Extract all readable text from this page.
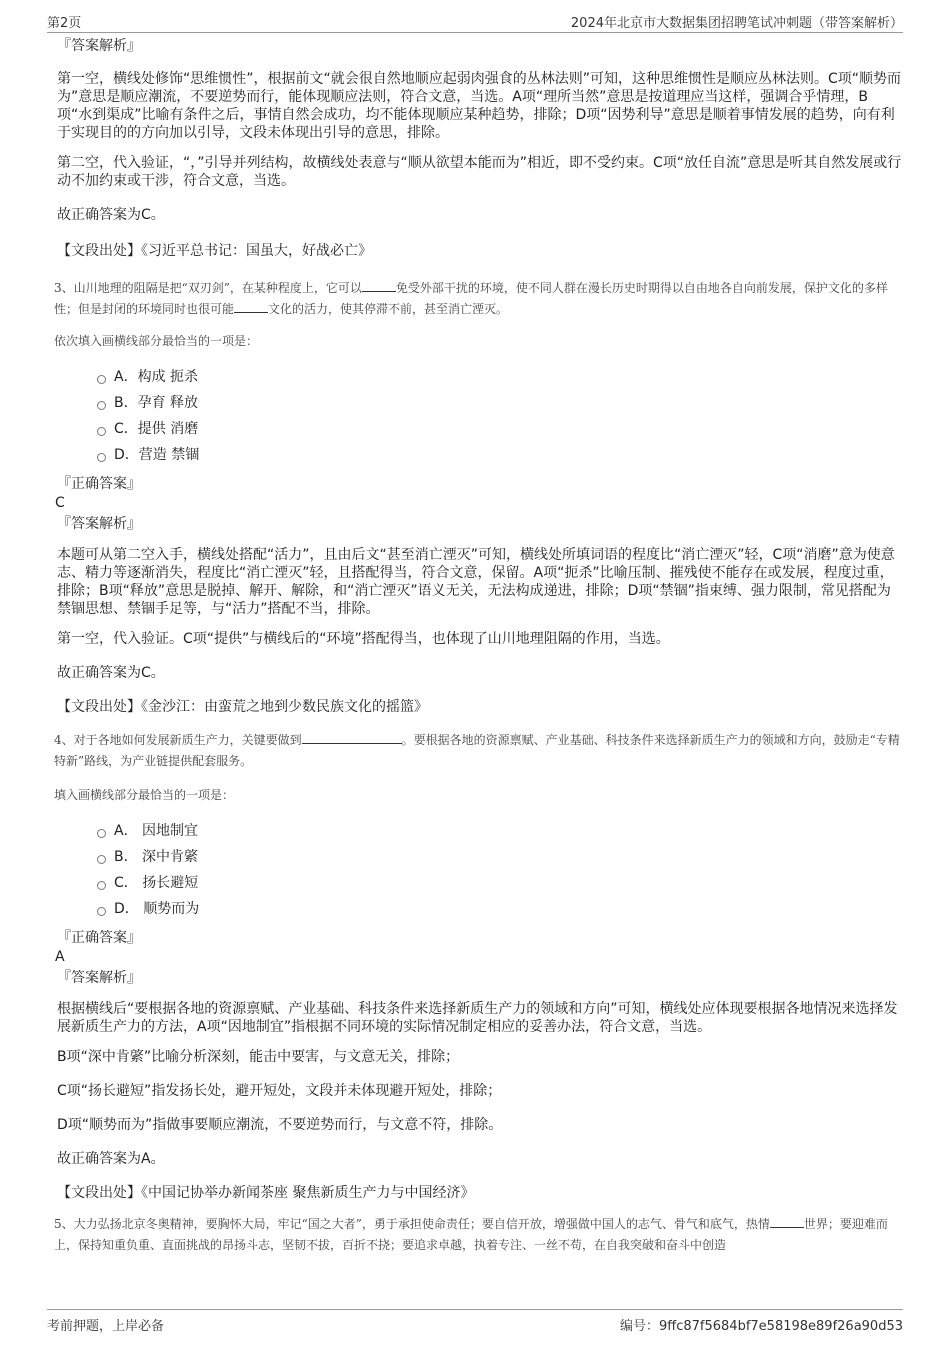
第2页	2024年北京市大数据集团招聘笔试冲刺题（带答案解析）

『答案解析』

第一空，横线处修饰“思维惯性”，根据前文“就会很自然地顺应起弱肉强食的丛林法则”可知，这种思维惯性是顺应丛林法则。C项“顺势而为”意思是顺应潮流，不要逆势而行，能体现顺应法则，符合文意，当选。A项“理所当然”意思是按道理应当这样，强调合乎情理，B项“水到渠成”比喻有条件之后，事情自然会成功，均不能体现顺应某种趋势，排除；D项“因势利导”意思是顺着事情发展的趋势，向有利于实现目的的方向加以引导，文段未体现出引导的意思，排除。

第二空，代入验证，“，”引导并列结构，故横线处表意与“顺从欲望本能而为”相近，即不受约束。C项“放任自流”意思是听其自然发展或行动不加约束或干涉，符合文意，当选。

故正确答案为C。

【文段出处】《习近平总书记：国虽大，好战必亡》

3、山川地理的阻隔是把“双刃剑”，在某种程度上，它可以	免受外部干扰的环境，使不同人群在漫长历史时期得以自由地各自向前发展，保护文化的多样性；但是封闭的环境同时也很可能	文化的活力，使其停滞不前，甚至消亡湮灭。

依次填入画横线部分最恰当的一项是：

A．构成 扼杀
B．孕育 释放
C．提供 消磨
D．营造 禁锢

『正确答案』

C

『答案解析』

本题可从第二空入手，横线处搭配“活力”，且由后文“甚至消亡湮灭”可知，横线处所填词语的程度比“消亡湮灭”轻，C项“消磨”意为使意志、精力等逐渐消失，程度比“消亡湮灭”轻，且搭配得当，符合文意，保留。A项“扼杀”比喻压制、摧残使不能存在或发展，程度过重，排除；B项“释放”意思是脱掉、解开、解除，和“消亡湮灭”语义无关，无法构成递进，排除；D项“禁锢”指束缚、强力限制，常见搭配为禁锢思想、禁锢手足等，与“活力”搭配不当，排除。

第一空，代入验证。C项“提供”与横线后的“环境”搭配得当，也体现了山川地理阻隔的作用，当选。

故正确答案为C。

【文段出处】《金沙江：由蛮荒之地到少数民族文化的摇篮》

4、对于各地如何发展新质生产力，关键要做到	。要根据各地的资源禀赋、产业基础、科技条件来选择新质生产力的领域和方向，鼓励走“专精特新”路线，为产业链提供配套服务。

填入画横线部分最恰当的一项是：

A． 因地制宜
B． 深中肯綮
C． 扬长避短
D． 顺势而为

『正确答案』

A

『答案解析』

根据横线后“要根据各地的资源禀赋、产业基础、科技条件来选择新质生产力的领域和方向”可知，横线处应体现要根据各地情况来选择发展新质生产力的方法，A项“因地制宜”指根据不同环境的实际情况制定相应的妥善办法，符合文意，当选。

B项“深中肯綮”比喻分析深刻，能击中要害，与文意无关，排除；

C项“扬长避短”指发扬长处，避开短处，文段并未体现避开短处，排除；

D项“顺势而为”指做事要顺应潮流，不要逆势而行，与文意不符，排除。

故正确答案为A。

【文段出处】《中国记协举办新闻茶座 聚焦新质生产力与中国经济》

5、大力弘扬北京冬奥精神，要胸怀大局，牢记“国之大者”，勇于承担使命责任；要自信开放，增强做中国人的志气、骨气和底气，热情	世界；要迎难而上，保持知重负重、直面挑战的昂扬斗志，坚韧不拔，百折不挠；要追求卓越，执着专注、一丝不苟，在自我突破和奋斗中创造

考前押题，上岸必备	编号：9ffc87f5684bf7e58198e89f26a90d53
